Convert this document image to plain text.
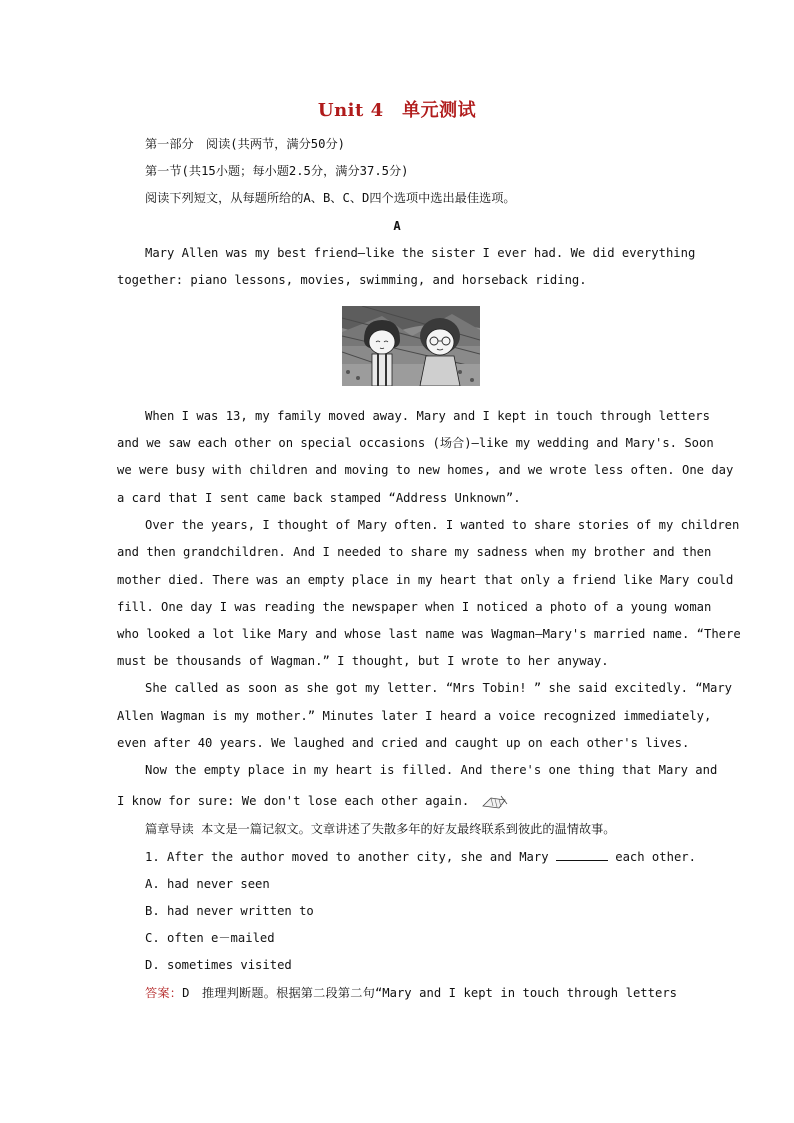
Unit 4　单元测试
第一部分　阅读(共两节，满分50分)
第一节(共15小题；每小题2.5分，满分37.5分)
阅读下列短文，从每题所给的A、B、C、D四个选项中选出最佳选项。
A
Mary Allen was my best friend—like the sister I ever had. We did everything
together: piano lessons, movies, swimming, and horseback riding.
When I was 13, my family moved away. Mary and I kept in touch through letters
and we saw each other on special occasions (场合)—like my wedding and Mary's. Soon
we were busy with children and moving to new homes, and we wrote less often. One day
a card that I sent came back stamped “Address Unknown”.
Over the years, I thought of Mary often. I wanted to share stories of my children
and then grandchildren. And I needed to share my sadness when my brother and then
mother died. There was an empty place in my heart that only a friend like Mary could
fill. One day I was reading the newspaper when I noticed a photo of a young woman
who looked a lot like Mary and whose last name was Wagman—Mary's married name. “There
must be thousands of Wagman.” I thought, but I wrote to her anyway.
She called as soon as she got my letter. “Mrs Tobin! ” she said excitedly. “Mary
Allen Wagman is my mother.” Minutes later I heard a voice recognized immediately,
even after 40 years. We laughed and cried and caught up on each other's lives.
Now the empty place in my heart is filled. And there's one thing that Mary and
I know for sure: We don't lose each other again.
篇章导读 本文是一篇记叙文。文章讲述了失散多年的好友最终联系到彼此的温情故事。
1. After the author moved to another city, she and Mary	each other.
A. had never seen
B. had never written to
C. often e－mailed
D. sometimes visited
答案：D　推理判断题。根据第二段第二句“Mary and I kept in touch through letters
